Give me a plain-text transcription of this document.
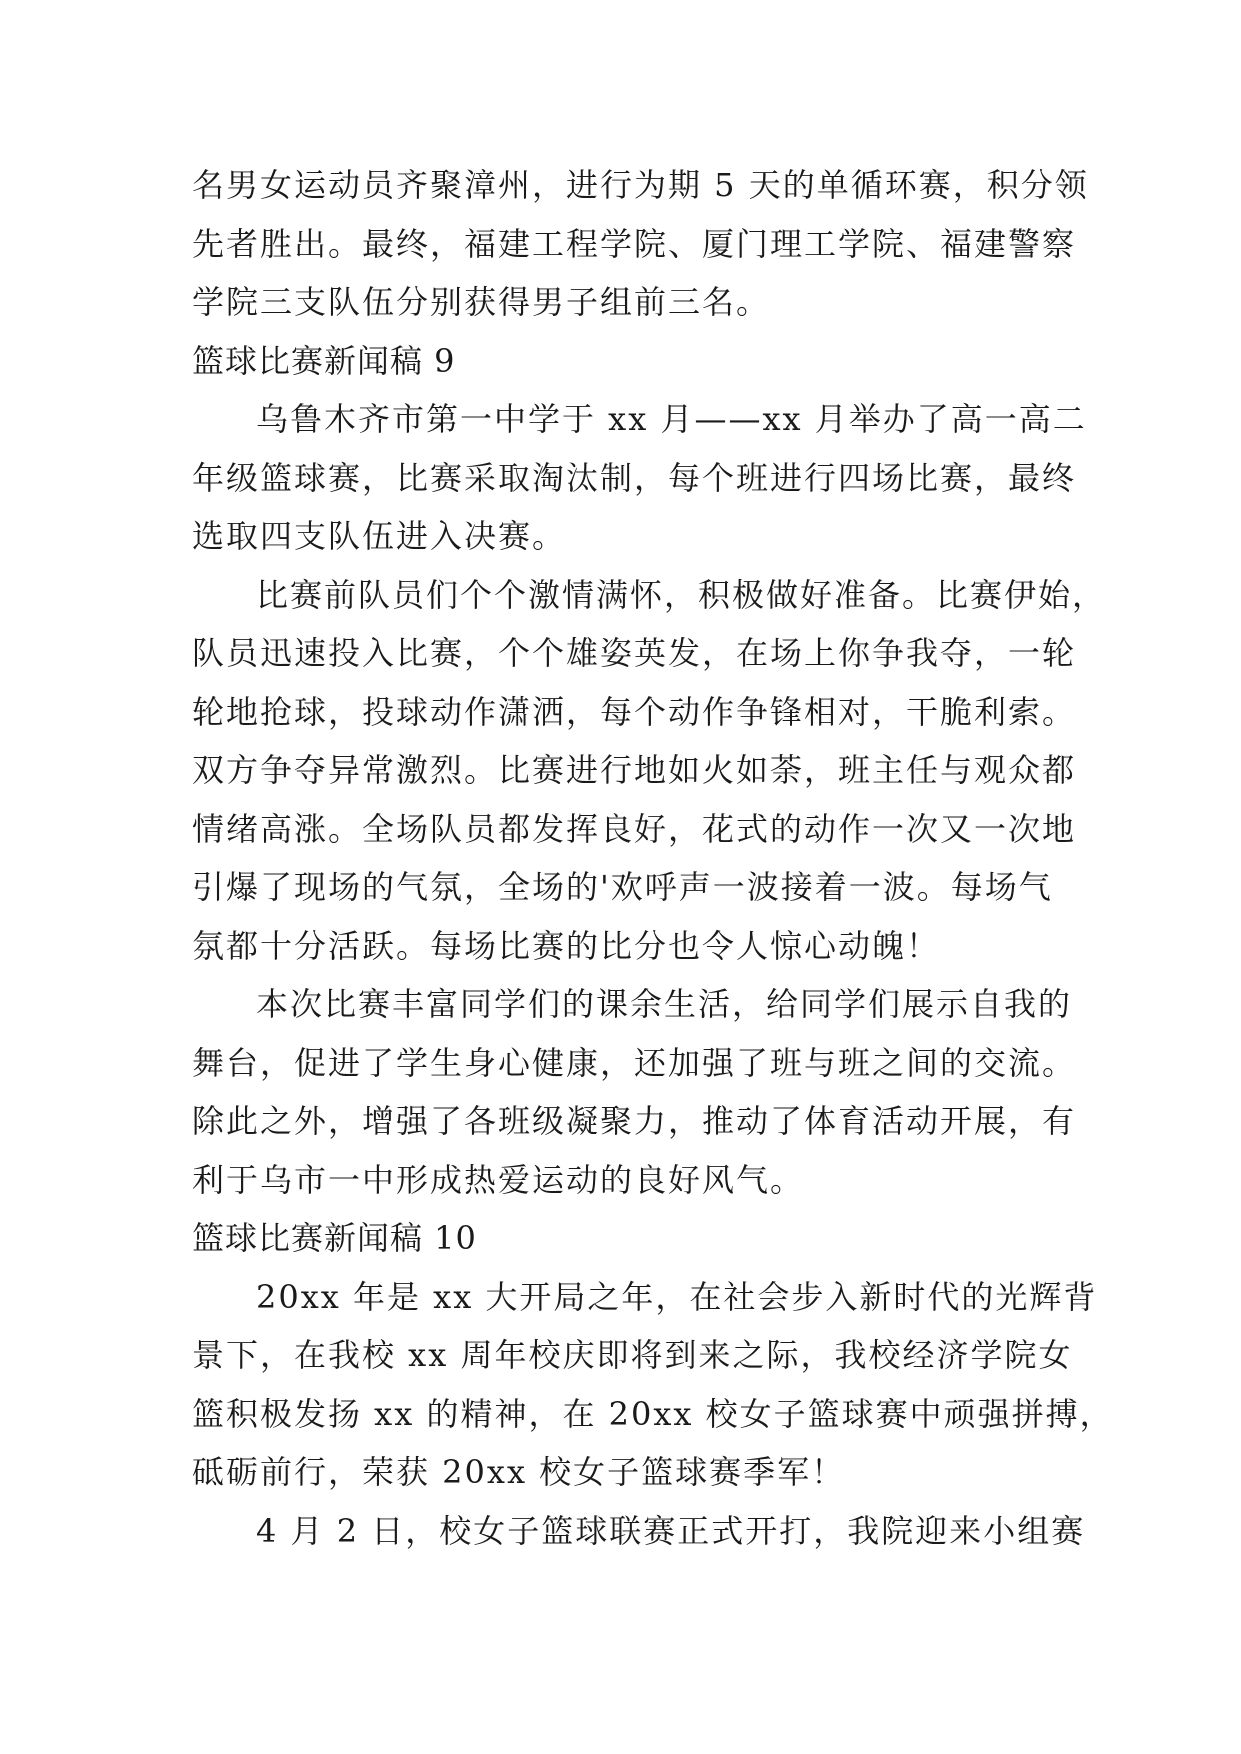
名男女运动员齐聚漳州，进行为期 5 天的单循环赛，积分领
先者胜出。最终，福建工程学院、厦门理工学院、福建警察
学院三支队伍分别获得男子组前三名。
篮球比赛新闻稿 9
乌鲁木齐市第一中学于 xx 月——xx 月举办了高一高二
年级篮球赛，比赛采取淘汰制，每个班进行四场比赛，最终
选取四支队伍进入决赛。
比赛前队员们个个激情满怀，积极做好准备。比赛伊始，
队员迅速投入比赛，个个雄姿英发，在场上你争我夺，一轮
轮地抢球，投球动作潇洒，每个动作争锋相对，干脆利索。
双方争夺异常激烈。比赛进行地如火如荼，班主任与观众都
情绪高涨。全场队员都发挥良好，花式的动作一次又一次地
引爆了现场的气氛，全场的'欢呼声一波接着一波。每场气
氛都十分活跃。每场比赛的比分也令人惊心动魄！
本次比赛丰富同学们的课余生活，给同学们展示自我的
舞台，促进了学生身心健康，还加强了班与班之间的交流。
除此之外，增强了各班级凝聚力，推动了体育活动开展，有
利于乌市一中形成热爱运动的良好风气。
篮球比赛新闻稿 10
20xx 年是 xx 大开局之年，在社会步入新时代的光辉背
景下，在我校 xx 周年校庆即将到来之际，我校经济学院女
篮积极发扬 xx 的精神，在 20xx 校女子篮球赛中顽强拼搏，
砥砺前行，荣获 20xx 校女子篮球赛季军！
4 月 2 日，校女子篮球联赛正式开打，我院迎来小组赛
